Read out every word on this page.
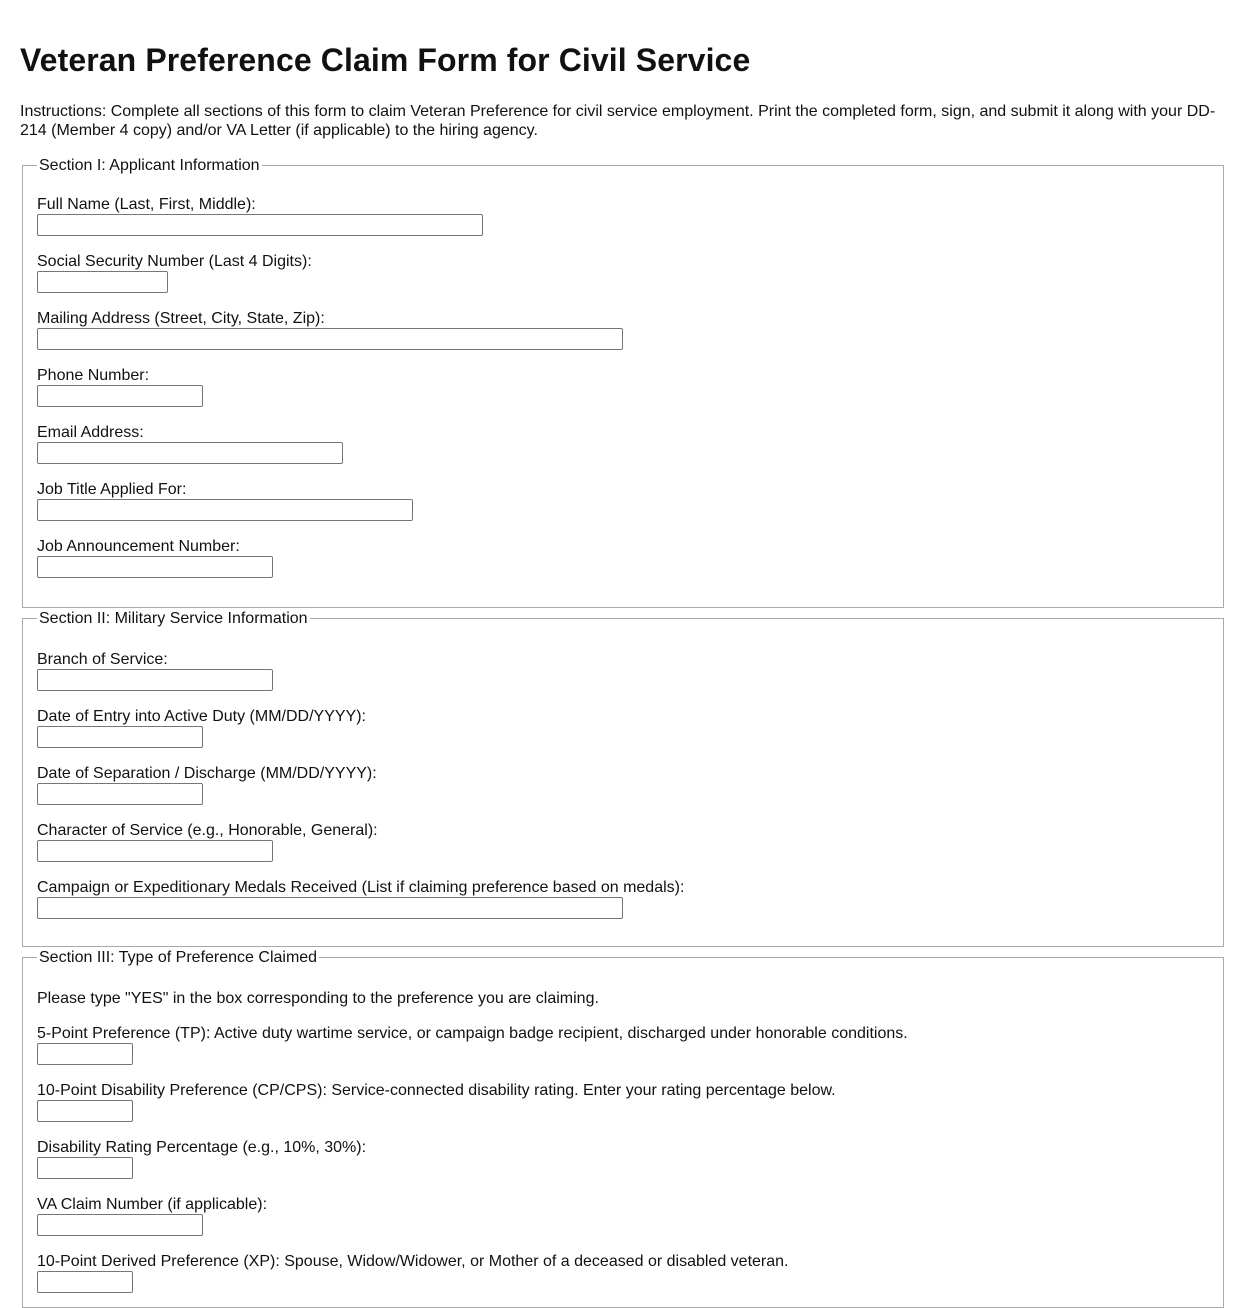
Veteran Preference Claim Form for Civil Service

Instructions: Complete all sections of this form to claim Veteran Preference for civil service employment. Print the completed form, sign, and submit it along with your DD-214 (Member 4 copy) and/or VA Letter (if applicable) to the hiring agency.

Section I: Applicant Information
Full Name (Last, First, Middle):
Social Security Number (Last 4 Digits):
Mailing Address (Street, City, State, Zip):
Phone Number:
Email Address:
Job Title Applied For:
Job Announcement Number:
Section II: Military Service Information
Branch of Service:
Date of Entry into Active Duty (MM/DD/YYYY):
Date of Separation / Discharge (MM/DD/YYYY):
Character of Service (e.g., Honorable, General):
Campaign or Expeditionary Medals Received (List if claiming preference based on medals):
Section III: Type of Preference Claimed

Please type "YES" in the box corresponding to the preference you are claiming.

5-Point Preference (TP): Active duty wartime service, or campaign badge recipient, discharged under honorable conditions.
10-Point Disability Preference (CP/CPS): Service-connected disability rating. Enter your rating percentage below.
Disability Rating Percentage (e.g., 10%, 30%):
VA Claim Number (if applicable):
10-Point Derived Preference (XP): Spouse, Widow/Widower, or Mother of a deceased or disabled veteran.
